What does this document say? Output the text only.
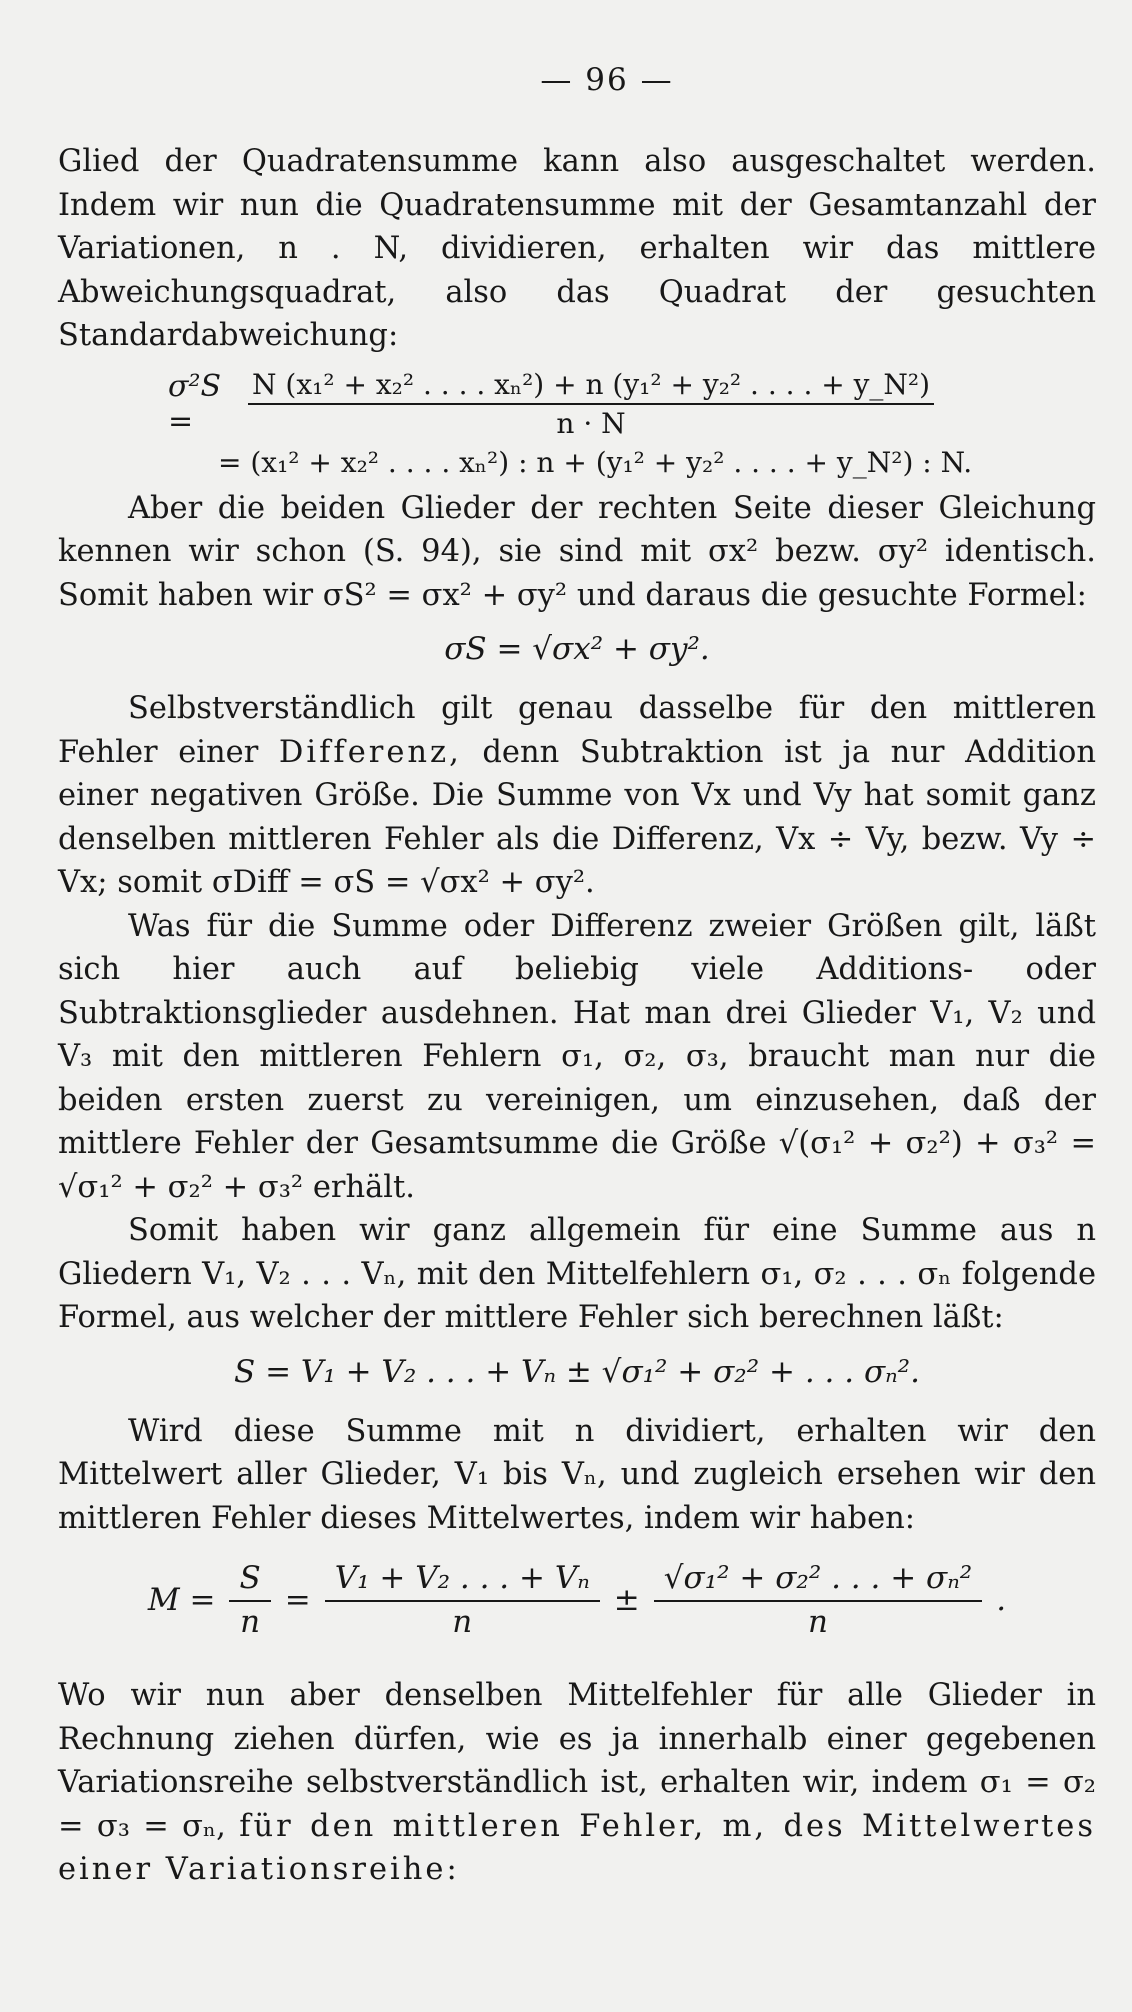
— 96 —

Glied der Quadratensumme kann also ausgeschaltet werden. Indem wir nun die Quadratensumme mit der Gesamtanzahl der Variationen, n . N, dividieren, erhalten wir das mittlere Abweichungsquadrat, also das Quadrat der gesuchten Standardabweichung:

σ²S =	$\frac{\text{N (x₁² + x₂² . . . . xₙ²) + n (y₁² + y₂² . . . . + y\_N²)}}{n \cdot N}$
= (x₁² + x₂² . . . . xₙ²) : n + (y₁² + y₂² . . . . + y_N²) : N.

Aber die beiden Glieder der rechten Seite dieser Gleichung kennen wir schon (S. 94), sie sind mit σx² bezw. σy² identisch. Somit haben wir σS² = σx² + σy² und daraus die gesuchte Formel:

σS = √σx² + σy².

Selbstverständlich gilt genau dasselbe für den mittleren Fehler einer Differenz, denn Subtraktion ist ja nur Addition einer negativen Größe. Die Summe von Vx und Vy hat somit ganz denselben mittleren Fehler als die Differenz, Vx ÷ Vy, bezw. Vy ÷ Vx; somit σDiff = σS = √σx² + σy².

Was für die Summe oder Differenz zweier Größen gilt, läßt sich hier auch auf beliebig viele Additions- oder Subtraktionsglieder ausdehnen. Hat man drei Glieder V₁, V₂ und V₃ mit den mittleren Fehlern σ₁, σ₂, σ₃, braucht man nur die beiden ersten zuerst zu vereinigen, um einzusehen, daß der mittlere Fehler der Gesamtsumme die Größe √(σ₁² + σ₂²) + σ₃² = √σ₁² + σ₂² + σ₃² erhält.

Somit haben wir ganz allgemein für eine Summe aus n Gliedern V₁, V₂ . . . Vₙ, mit den Mittelfehlern σ₁, σ₂ . . . σₙ folgende Formel, aus welcher der mittlere Fehler sich berechnen läßt:

S = V₁ + V₂ . . . + Vₙ ± √σ₁² + σ₂² + . . . σₙ².

Wird diese Summe mit n dividiert, erhalten wir den Mittelwert aller Glieder, V₁ bis Vₙ, und zugleich ersehen wir den mittleren Fehler dieses Mittelwertes, indem wir haben:

$M = \frac{S}{n} = \frac{\text{V₁ + V₂ . . . + Vₙ}}{n} \pm \frac{\text{√σ₁² + σ₂² . . . + σₙ²}}{n}$ .

Wo wir nun aber denselben Mittelfehler für alle Glieder in Rechnung ziehen dürfen, wie es ja innerhalb einer gegebenen Variationsreihe selbstverständlich ist, erhalten wir, indem σ₁ = σ₂ = σ₃ = σₙ, für den mittleren Fehler, m, des Mittelwertes einer Variationsreihe:
